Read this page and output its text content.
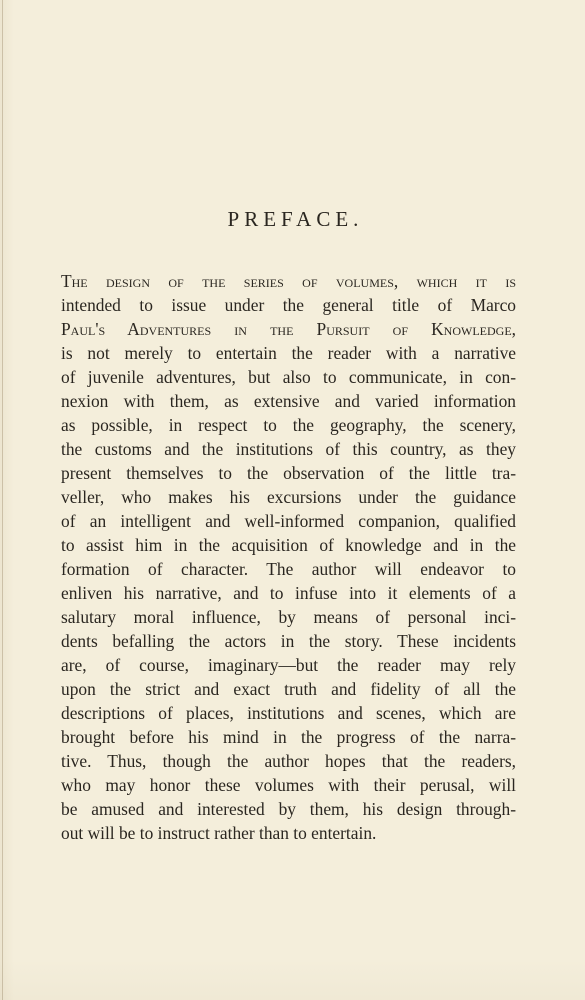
PREFACE.
The design of the series of volumes, which it is
intended to issue under the general title of Marco
Paul's Adventures in the Pursuit of Knowledge,
is not merely to entertain the reader with a narrative
of juvenile adventures, but also to communicate, in con-
nexion with them, as extensive and varied information
as possible, in respect to the geography, the scenery,
the customs and the institutions of this country, as they
present themselves to the observation of the little tra-
veller, who makes his excursions under the guidance
of an intelligent and well-informed companion, qualified
to assist him in the acquisition of knowledge and in the
formation of character. The author will endeavor to
enliven his narrative, and to infuse into it elements of a
salutary moral influence, by means of personal inci-
dents befalling the actors in the story. These incidents
are, of course, imaginary—but the reader may rely
upon the strict and exact truth and fidelity of all the
descriptions of places, institutions and scenes, which are
brought before his mind in the progress of the narra-
tive. Thus, though the author hopes that the readers,
who may honor these volumes with their perusal, will
be amused and interested by them, his design through-
out will be to instruct rather than to entertain.
